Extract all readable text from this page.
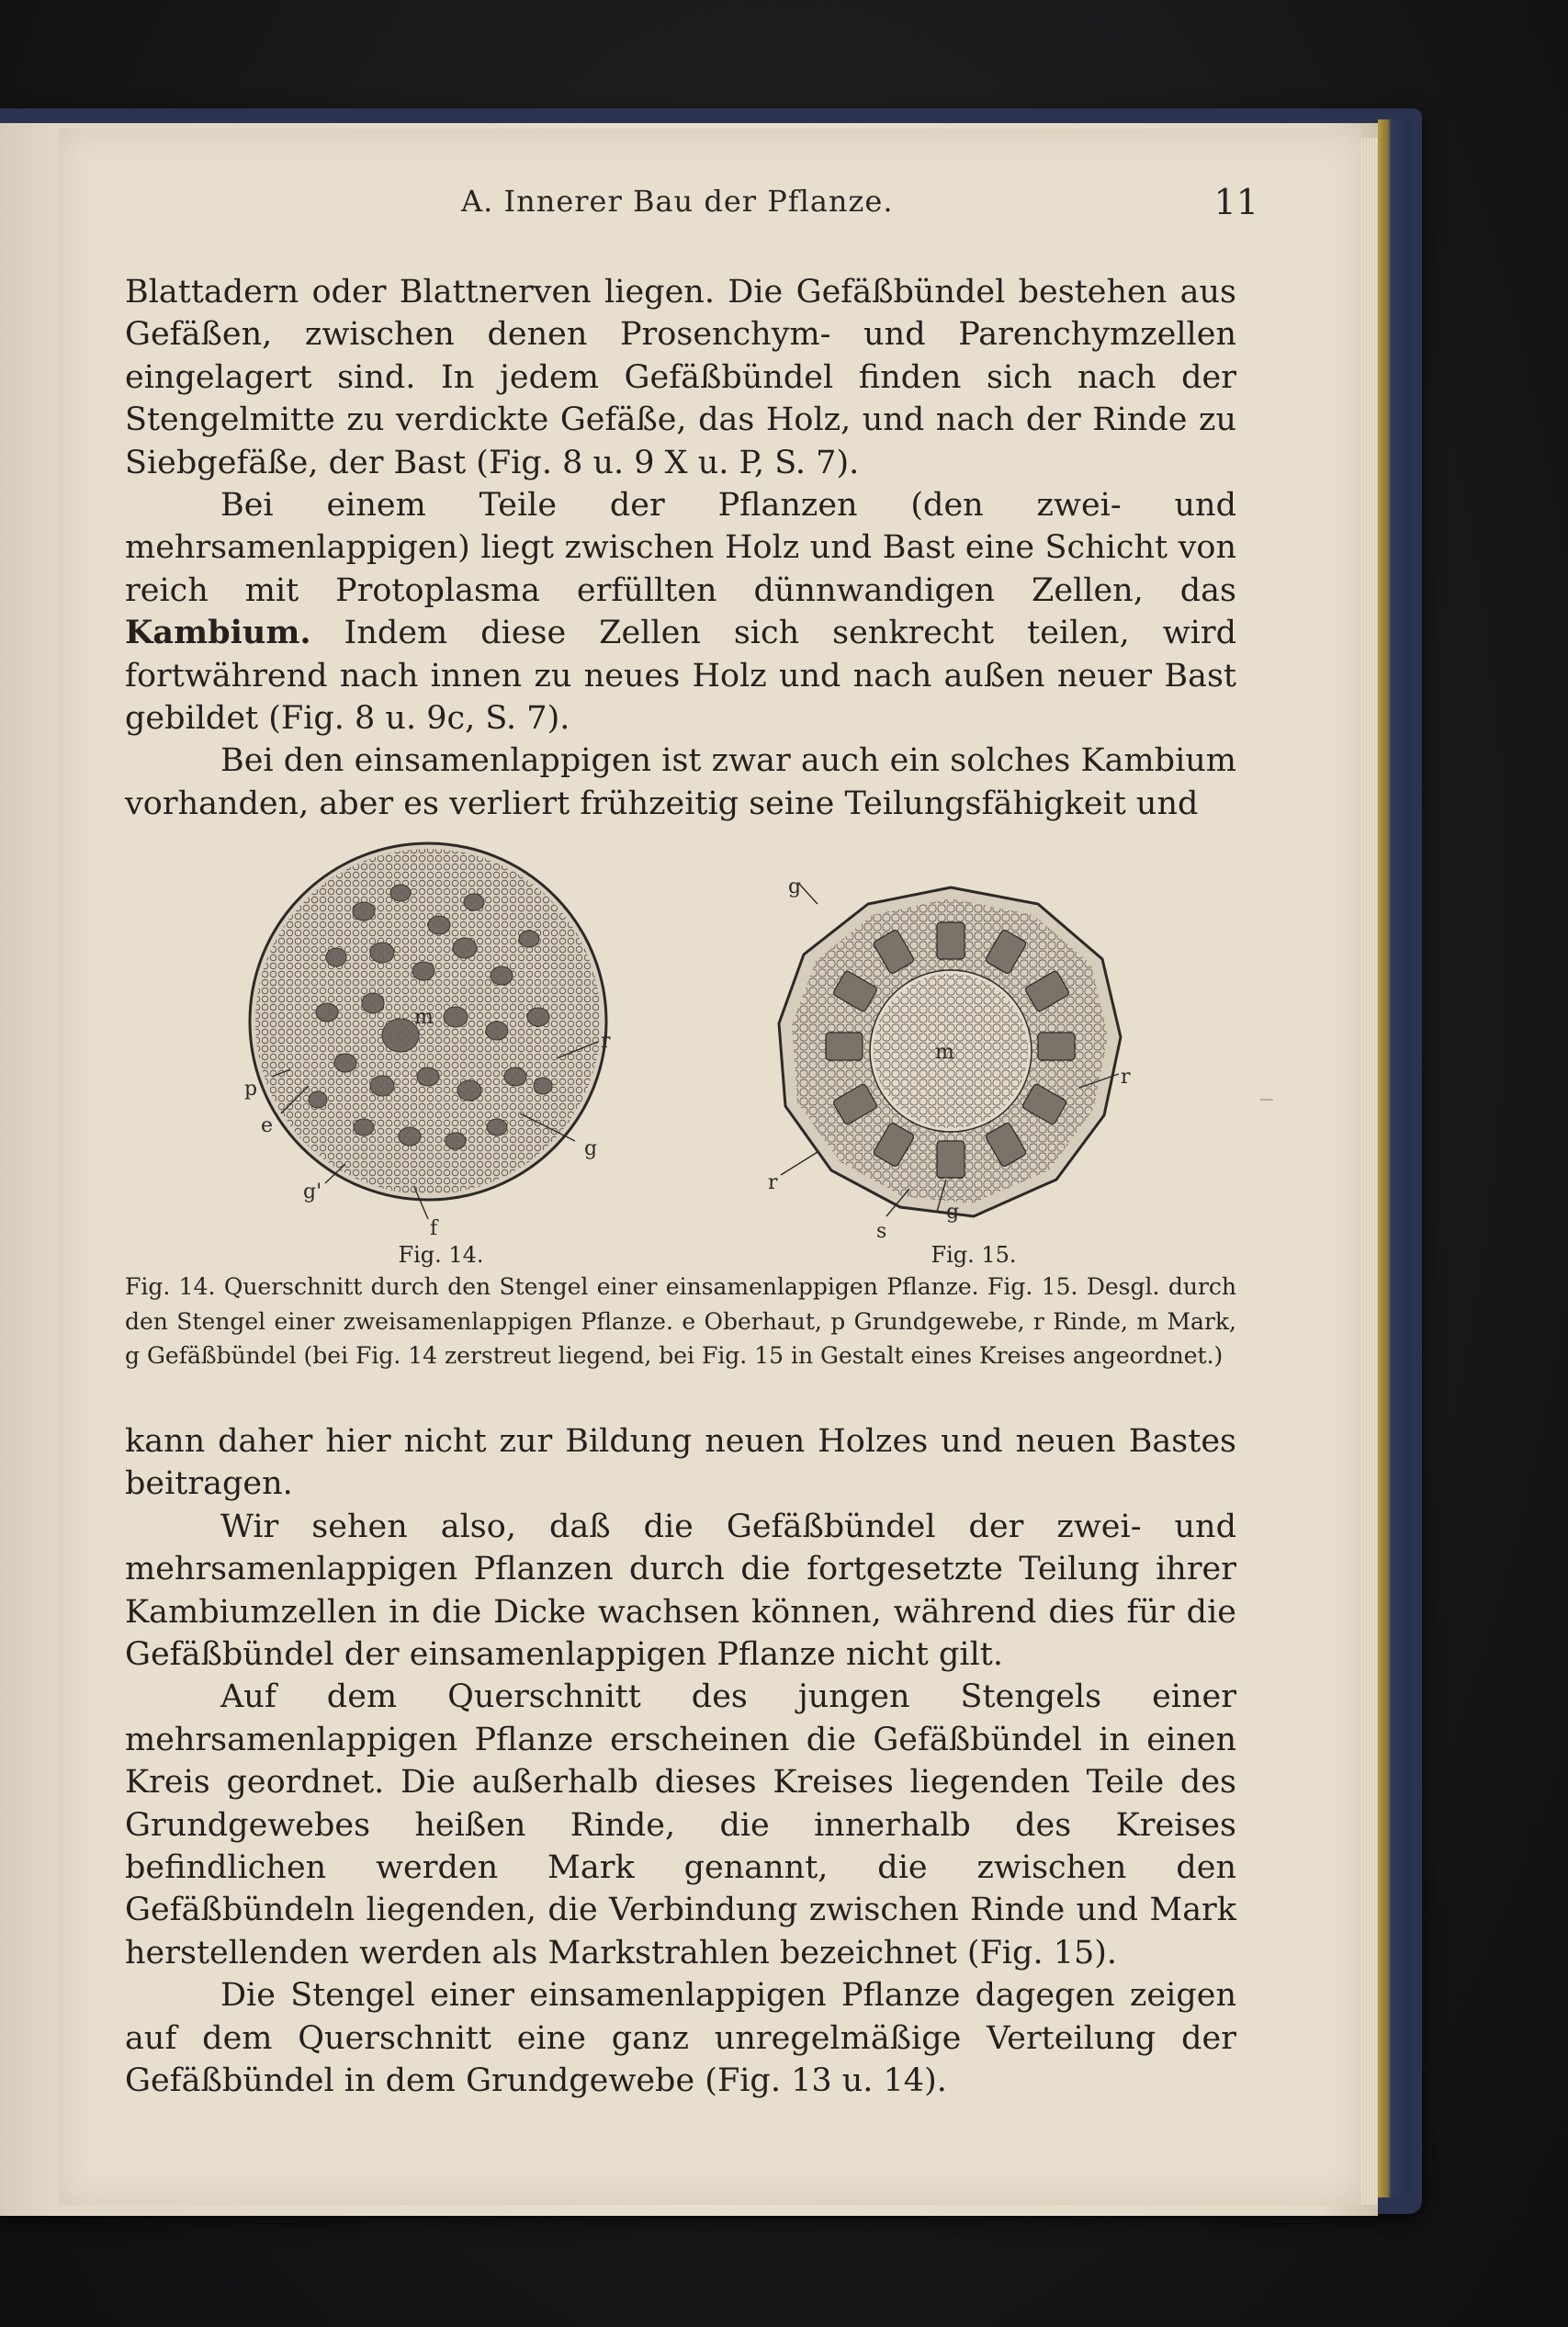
A. Innerer Bau der Pflanze.	11

Blattadern oder Blattnerven liegen. Die Gefäßbündel bestehen aus Gefäßen, zwischen denen Prosenchym- und Parenchymzellen eingelagert sind. In jedem Gefäßbündel finden sich nach der Stengelmitte zu verdickte Gefäße, das Holz, und nach der Rinde zu Siebgefäße, der Bast (Fig. 8 u. 9 X u. P, S. 7).

Bei einem Teile der Pflanzen (den zwei- und mehrsamenlappigen) liegt zwischen Holz und Bast eine Schicht von reich mit Protoplasma erfüllten dünnwandigen Zellen, das Kambium. Indem diese Zellen sich senkrecht teilen, wird fortwährend nach innen zu neues Holz und nach außen neuer Bast gebildet (Fig. 8 u. 9c, S. 7).

Bei den einsamenlappigen ist zwar auch ein solches Kambium vorhanden, aber es verliert frühzeitig seine Teilungsfähigkeit und

m
r
p
e
g
g'
f
g
m
r
r
s
g
Fig. 14.	Fig. 15.
Fig. 14. Querschnitt durch den Stengel einer einsamenlappigen Pflanze. Fig. 15. Desgl. durch den Stengel einer zweisamenlappigen Pflanze. e Oberhaut, p Grundgewebe, r Rinde, m Mark, g Gefäßbündel (bei Fig. 14 zerstreut liegend, bei Fig. 15 in Gestalt eines Kreises angeordnet.)

kann daher hier nicht zur Bildung neuen Holzes und neuen Bastes beitragen.

Wir sehen also, daß die Gefäßbündel der zwei- und mehrsamenlappigen Pflanzen durch die fortgesetzte Teilung ihrer Kambiumzellen in die Dicke wachsen können, während dies für die Gefäßbündel der einsamenlappigen Pflanze nicht gilt.

Auf dem Querschnitt des jungen Stengels einer mehrsamenlappigen Pflanze erscheinen die Gefäßbündel in einen Kreis geordnet. Die außerhalb dieses Kreises liegenden Teile des Grundgewebes heißen Rinde, die innerhalb des Kreises befindlichen werden Mark genannt, die zwischen den Gefäßbündeln liegenden, die Verbindung zwischen Rinde und Mark herstellenden werden als Markstrahlen bezeichnet (Fig. 15).

Die Stengel einer einsamenlappigen Pflanze dagegen zeigen auf dem Querschnitt eine ganz unregelmäßige Verteilung der Gefäßbündel in dem Grundgewebe (Fig. 13 u. 14).
